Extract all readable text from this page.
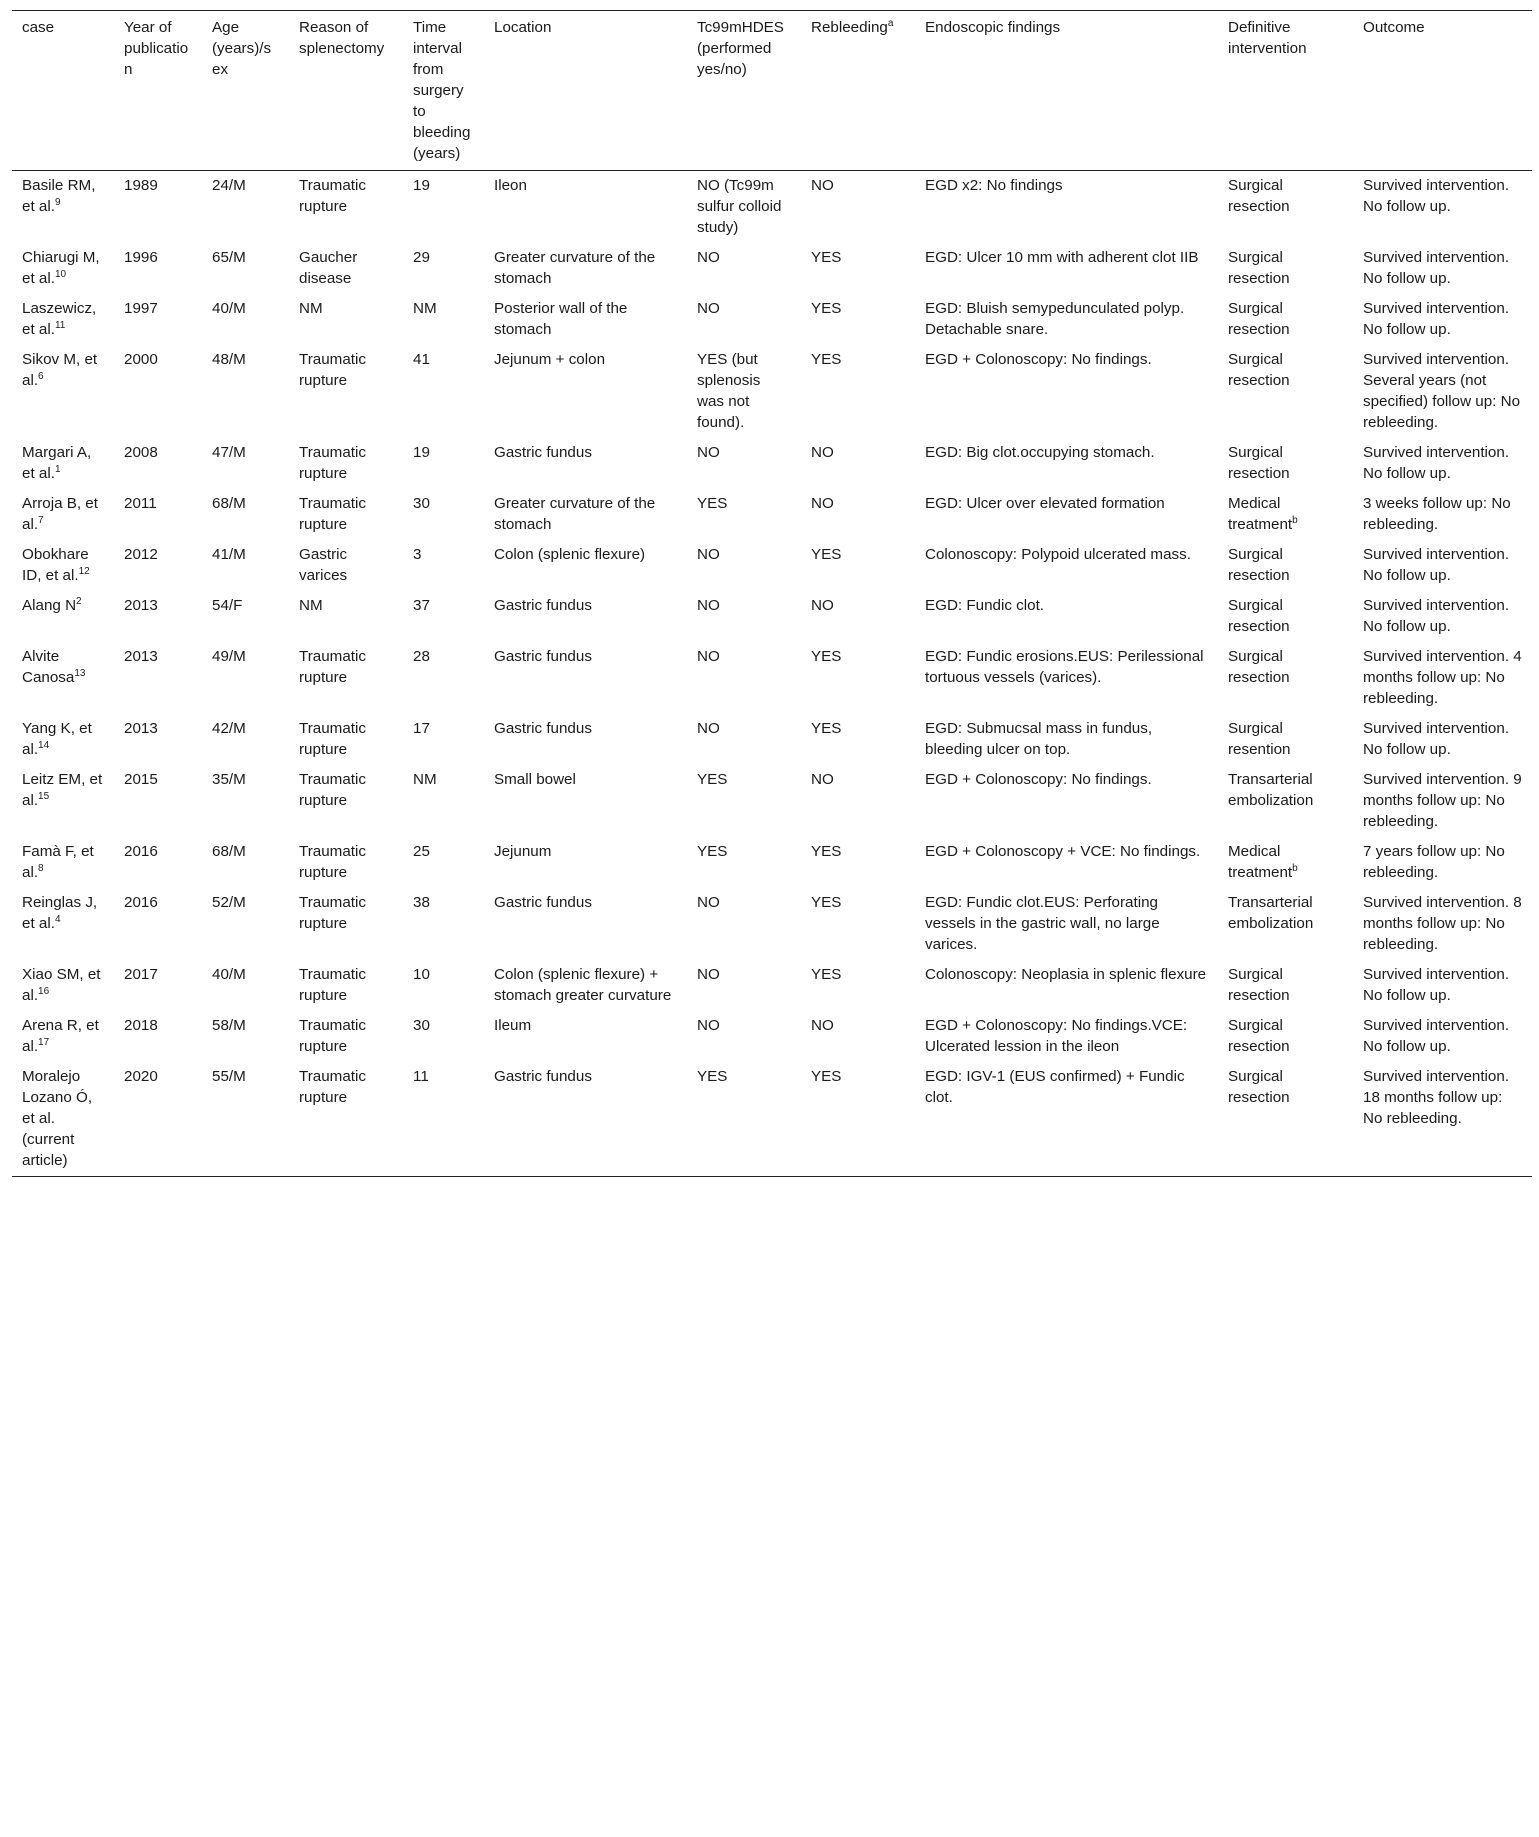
case	Year of publication	Age (years)/sex	Reason of splenectomy	Time interval from surgery to bleeding (years)	Location	Tc99mHDES (performed yes/no)	Rebleeding$^a$	Endoscopic findings	Definitive intervention	Outcome
Basile RM, et al.$^9$	1989	24/M	Traumatic rupture	19	Ileon	NO (Tc99m sulfur colloid study)	NO	EGD x2: No findings	Surgical resection	Survived intervention. No follow up.
Chiarugi M, et al.$^{10}$	1996	65/M	Gaucher disease	29	Greater curvature of the stomach	NO	YES	EGD: Ulcer 10 mm with adherent clot IIB	Surgical resection	Survived intervention. No follow up.
Laszewicz, et al.$^{11}$	1997	40/M	NM	NM	Posterior wall of the stomach	NO	YES	EGD: Bluish semypedunculated polyp. Detachable snare.	Surgical resection	Survived intervention. No follow up.
Sikov M, et al.$^6$	2000	48/M	Traumatic rupture	41	Jejunum + colon	YES (but splenosis was not found).	YES	EGD + Colonoscopy: No findings.	Surgical resection	Survived intervention. Several years (not specified) follow up: No rebleeding.
Margari A, et al.$^1$	2008	47/M	Traumatic rupture	19	Gastric fundus	NO	NO	EGD: Big clot.occupying stomach.	Surgical resection	Survived intervention. No follow up.
Arroja B, et al.$^7$	2011	68/M	Traumatic rupture	30	Greater curvature of the stomach	YES	NO	EGD: Ulcer over elevated formation	Medical treatment$^b$	3 weeks follow up: No rebleeding.
Obokhare ID, et al.$^{12}$	2012	41/M	Gastric varices	3	Colon (splenic flexure)	NO	YES	Colonoscopy: Polypoid ulcerated mass.	Surgical resection	Survived intervention. No follow up.
Alang $N^2$	2013	54/F	NM	37	Gastric fundus	NO	NO	EGD: Fundic clot.	Surgical resection	Survived intervention. No follow up.
Alvite Canosa$^{13}$	2013	49/M	Traumatic rupture	28	Gastric fundus	NO	YES	EGD: Fundic erosions.EUS: Perilessional tortuous vessels (varices).	Surgical resection	Survived intervention. 4 months follow up: No rebleeding.
Yang K, et al.$^{14}$	2013	42/M	Traumatic rupture	17	Gastric fundus	NO	YES	EGD: Submucsal mass in fundus, bleeding ulcer on top.	Surgical resention	Survived intervention. No follow up.
Leitz EM, et al.$^{15}$	2015	35/M	Traumatic rupture	NM	Small bowel	YES	NO	EGD + Colonoscopy: No findings.	Transarterial embolization	Survived intervention. 9 months follow up: No rebleeding.
Famà F, et al.$^8$	2016	68/M	Traumatic rupture	25	Jejunum	YES	YES	EGD + Colonoscopy + VCE: No findings.	Medical treatment$^b$	7 years follow up: No rebleeding.
Reinglas J, et al.$^4$	2016	52/M	Traumatic rupture	38	Gastric fundus	NO	YES	EGD: Fundic clot.EUS: Perforating vessels in the gastric wall, no large varices.	Transarterial embolization	Survived intervention. 8 months follow up: No rebleeding.
Xiao SM, et al.$^{16}$	2017	40/M	Traumatic rupture	10	Colon (splenic flexure) + stomach greater curvature	NO	YES	Colonoscopy: Neoplasia in splenic flexure	Surgical resection	Survived intervention. No follow up.
Arena R, et al.$^{17}$	2018	58/M	Traumatic rupture	30	Ileum	NO	NO	EGD + Colonoscopy: No findings.VCE: Ulcerated lession in the ileon	Surgical resection	Survived intervention. No follow up.
Moralejo Lozano Ó, et al. (current article)	2020	55/M	Traumatic rupture	11	Gastric fundus	YES	YES	EGD: IGV-1 (EUS confirmed) + Fundic clot.	Surgical resection	Survived intervention. 18 months follow up: No rebleeding.
